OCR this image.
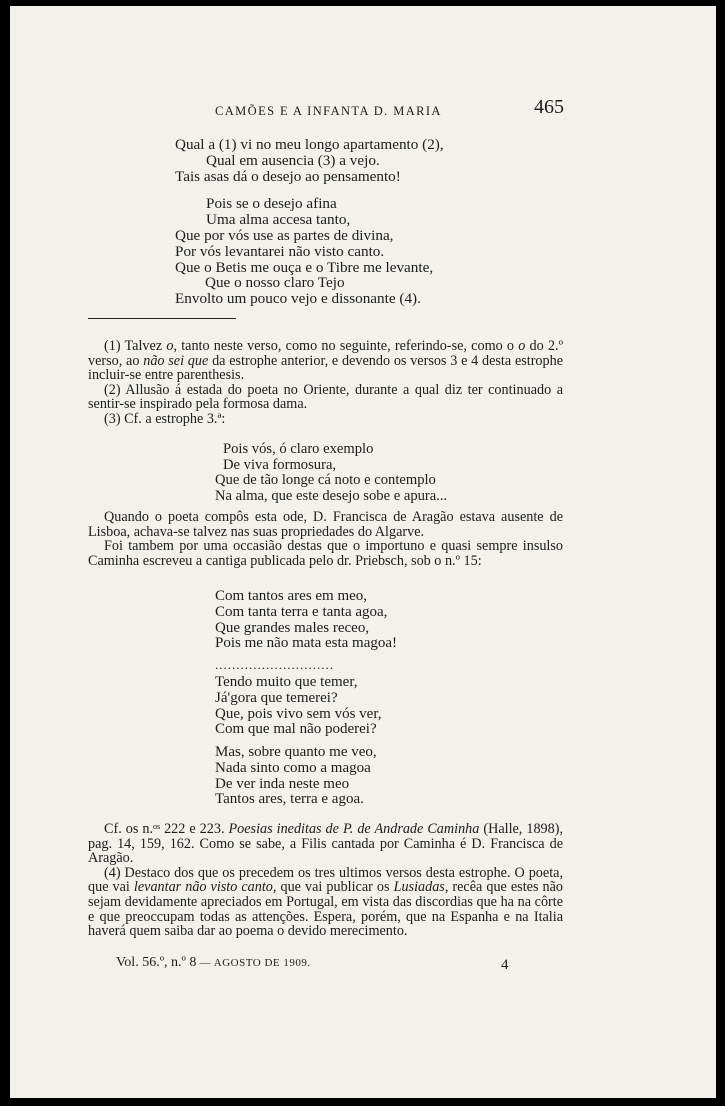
CAMÕES E A INFANTA D. MARIA	465
Qual a (1) vi no meu longo apartamento (2),
Qual em ausencia (3) a vejo.
Tais asas dá o desejo ao pensamento!
Pois se o desejo afina
Uma alma accesa tanto,
Que por vós use as partes de divina,
Por vós levantarei não visto canto.
Que o Betis me ouça e o Tibre me levante,
Que o nosso claro Tejo
Envolto um pouco vejo e dissonante (4).

(1) Talvez o, tanto neste verso, como no seguinte, referindo-se, como o o do 2.º verso, ao não sei que da estrophe anterior, e devendo os versos 3 e 4 desta estrophe incluir-se entre parenthesis.

(2) Allusão á estada do poeta no Oriente, durante a qual diz ter continuado a sentir-se inspirado pela formosa dama.

(3) Cf. a estrophe 3.ª:

Pois vós, ó claro exemplo
De viva formosura,
Que de tão longe cá noto e contemplo
Na alma, que este desejo sobe e apura...

Quando o poeta compôs esta ode, D. Francisca de Aragão estava ausente de Lisboa, achava-se talvez nas suas propriedades do Algarve.

Foi tambem por uma occasião destas que o importuno e quasi sempre insulso Caminha escreveu a cantiga publicada pelo dr. Priebsch, sob o n.º 15:

Com tantos ares em meo,
Com tanta terra e tanta agoa,
Que grandes males receo,
Pois me não mata esta magoa!
............................
Tendo muito que temer,
Já'gora que temerei?
Que, pois vivo sem vós ver,
Com que mal não poderei?
Mas, sobre quanto me veo,
Nada sinto como a magoa
De ver inda neste meo
Tantos ares, terra e agoa.

Cf. os n.ᵒˢ 222 e 223. Poesias ineditas de P. de Andrade Caminha (Halle, 1898), pag. 14, 159, 162. Como se sabe, a Filis cantada por Caminha é D. Francisca de Aragão.

(4) Destaco dos que os precedem os tres ultimos versos desta estrophe. O poeta, que vai levantar não visto canto, que vai publicar os Lusiadas, recêa que estes não sejam devidamente apreciados em Portugal, em vista das discordias que ha na côrte e que preoccupam todas as attenções. Espera, porém, que na Espanha e na Italia haverá quem saiba dar ao poema o devido merecimento.

Vol. 56.º, n.º 8 — AGOSTO DE 1909.	4
